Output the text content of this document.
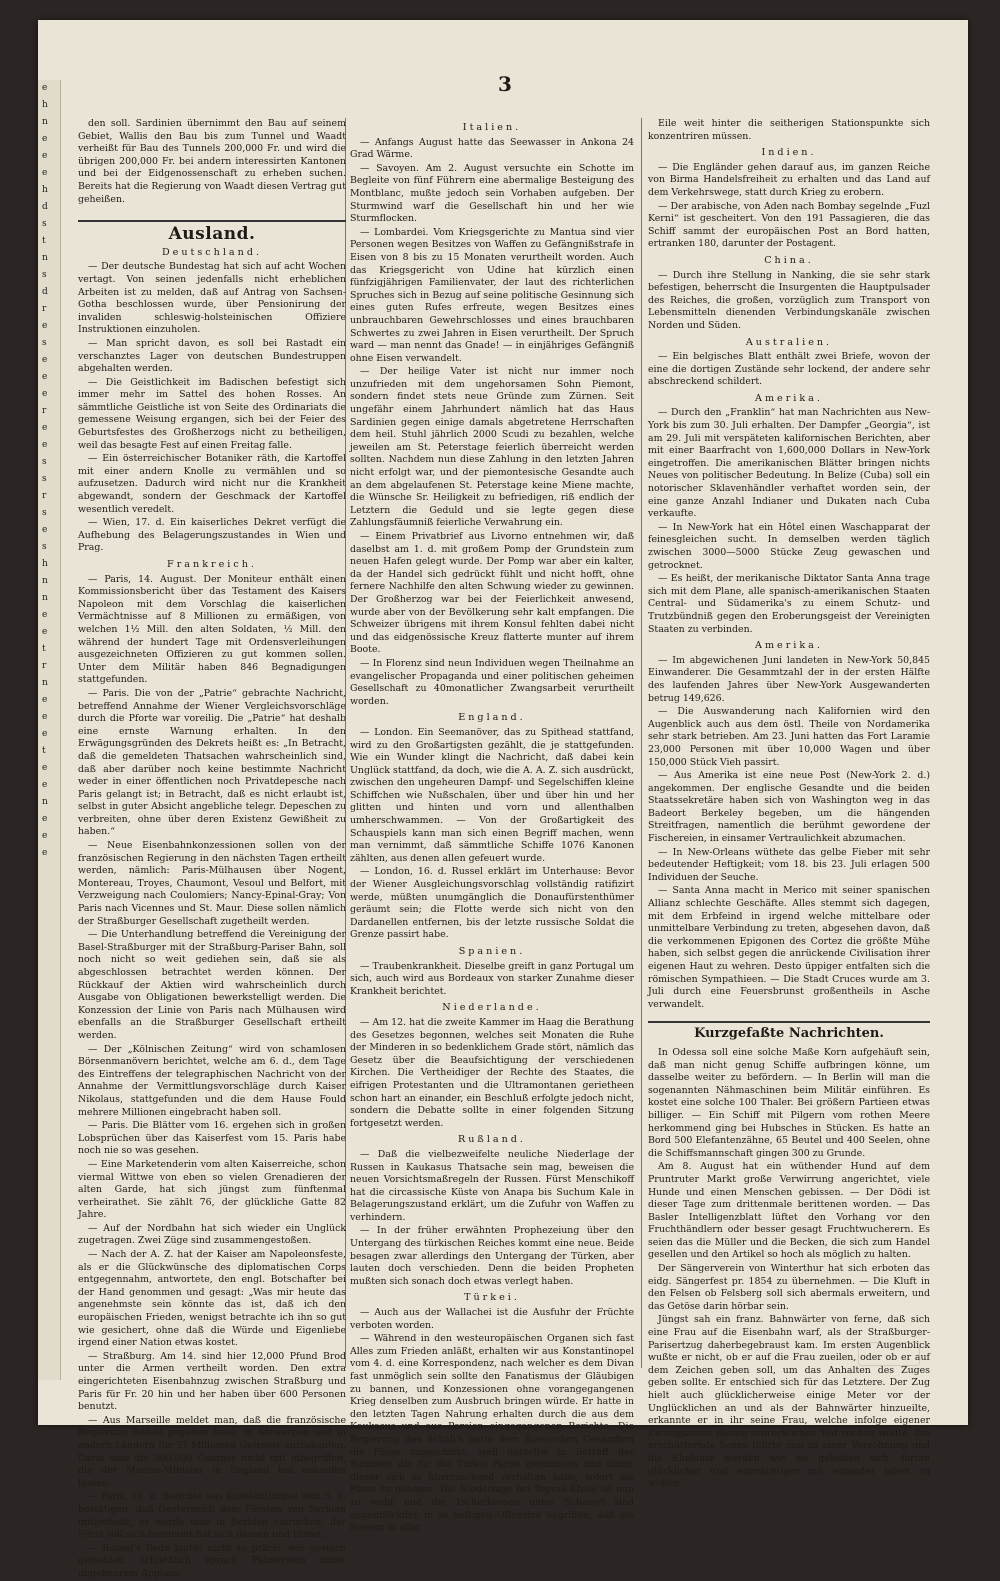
e
h
n
e
e
e
h
d
s
t
n
s
d
r
e
s
e
e
e
r
e
e
s
s
r
s
e
s
h
n
n
e
e
t
r
n
e
e
e
t
e
e
n
e
e
e
3

den soll. Sardinien übernimmt den Bau auf seinem Gebiet, Wallis den Bau bis zum Tunnel und Waadt verheißt für Bau des Tunnels 200,000 Fr. und wird die übrigen 200,000 Fr. bei andern interessirten Kantonen und bei der Eidgenossenschaft zu erheben suchen. Bereits hat die Regierung von Waadt diesen Vertrag gut geheißen.

Ausland.
Deutschland.

— Der deutsche Bundestag hat sich auf acht Wochen vertagt. Von seinen jedenfalls nicht erheblichen Arbeiten ist zu melden, daß auf Antrag von Sachsen-Gotha beschlossen wurde, über Pensionirung der invaliden schleswig-holsteinischen Offiziere Instruktionen einzuholen.

— Man spricht davon, es soll bei Rastadt ein verschanztes Lager von deutschen Bundestruppen abgehalten werden.

— Die Geistlichkeit im Badischen befestigt sich immer mehr im Sattel des hohen Rosses. An sämmtliche Geistliche ist von Seite des Ordinariats die gemessene Weisung ergangen, sich bei der Feier des Geburtsfestes des Großherzogs nicht zu betheiligen, weil das besagte Fest auf einen Freitag falle.

— Ein österreichischer Botaniker räth, die Kartoffel mit einer andern Knolle zu vermählen und so aufzusetzen. Dadurch wird nicht nur die Krankheit abgewandt, sondern der Geschmack der Kartoffel wesentlich veredelt.

— Wien, 17. d. Ein kaiserliches Dekret verfügt die Aufhebung des Belagerungszustandes in Wien und Prag.

Frankreich.

— Paris, 14. August. Der Moniteur enthält einen Kommissionsbericht über das Testament des Kaisers Napoleon mit dem Vorschlag die kaiserlichen Vermächtnisse auf 8 Millionen zu ermäßigen, von welchen 1½ Mill. den alten Soldaten, ½ Mill. den während der hundert Tage mit Ordensverleihungen ausgezeichneten Offizieren zu gut kommen sollen. Unter dem Militär haben 846 Begnadigungen stattgefunden.

— Paris. Die von der „Patrie“ gebrachte Nachricht, betreffend Annahme der Wiener Vergleichsvorschläge durch die Pforte war voreilig. Die „Patrie“ hat deshalb eine ernste Warnung erhalten. In den Erwägungsgründen des Dekrets heißt es: „In Betracht, daß die gemeldeten Thatsachen wahrscheinlich sind, daß aber darüber noch keine bestimmte Nachricht weder in einer öffentlichen noch Privatdepesche nach Paris gelangt ist; in Betracht, daß es nicht erlaubt ist, selbst in guter Absicht angebliche telegr. Depeschen zu verbreiten, ohne über deren Existenz Gewißheit zu haben.“

— Neue Eisenbahnkonzessionen sollen von der französischen Regierung in den nächsten Tagen ertheilt werden, nämlich: Paris-Mülhausen über Nogent, Montereau, Troyes, Chaumont, Vesoul und Belfort, mit Verzweigung nach Coulomiers; Nancy-Epinal-Gray; Von Paris nach Vicennes und St. Maur. Diese sollen nämlich der Straßburger Gesellschaft zugetheilt werden.

— Die Unterhandlung betreffend die Vereinigung der Basel-Straßburger mit der Straßburg-Pariser Bahn, soll noch nicht so weit gediehen sein, daß sie als abgeschlossen betrachtet werden können. Der Rückkauf der Aktien wird wahrscheinlich durch Ausgabe von Obligationen bewerkstelligt werden. Die Konzession der Linie von Paris nach Mülhausen wird ebenfalls an die Straßburger Gesellschaft ertheilt werden.

— Der „Kölnischen Zeitung“ wird von schamlosen Börsenmanövern berichtet, welche am 6. d., dem Tage des Eintreffens der telegraphischen Nachricht von der Annahme der Vermittlungsvorschläge durch Kaiser Nikolaus, stattgefunden und die dem Hause Fould mehrere Millionen eingebracht haben soll.

— Paris. Die Blätter vom 16. ergehen sich in großen Lobsprüchen über das Kaiserfest vom 15. Paris habe noch nie so was gesehen.

— Eine Marketenderin vom alten Kaiserreiche, schon viermal Wittwe von eben so vielen Grenadieren der alten Garde, hat sich jüngst zum fünftenmal verheirathet. Sie zählt 76, der glückliche Gatte 82 Jahre.

— Auf der Nordbahn hat sich wieder ein Unglück zugetragen. Zwei Züge sind zusammengestoßen.

— Nach der A. Z. hat der Kaiser am Napoleonsfeste, als er die Glückwünsche des diplomatischen Corps entgegennahm, antwortete, den engl. Botschafter bei der Hand genommen und gesagt: „Was mir heute das angenehmste sein könnte das ist, daß ich den europäischen Frieden, wenigst betrachte ich ihn so gut wie gesichert, ohne daß die Würde und Eigenliebe irgend einer Nation etwas kostet.

— Straßburg. Am 14. sind hier 12,000 Pfund Brod unter die Armen vertheilt worden. Den extra eingerichteten Eisenbahnzug zwischen Straßburg und Paris für Fr. 20 hin und her haben über 600 Personen benutzt.

— Aus Marseille meldet man, daß die französische Regierung Befehl gegeben habe, in Antwerpen und in andern Ländern für 37 Millionen Getreide aufzukaufen. Darin sind die 300,000 Centner nicht mit inbegriffen, die der Marine-Minister in England hat ankaufen lassen.

— Paris, 18. d. Berichte aus Konstantinopel vom 5. d. bestätigen, daß Oesterreich dem Fürsten von Serbien mitgetheilt, es werde man in Serbien einrücken; der Fürst soll sich bestimmt hat sich dessen und rüstet.

— Russel's Rede lautet nicht so präcis, wie gestern gemeldet; schließlich sprach Palmerston unter ungeheurem Applaus.

Italien.

— Anfangs August hatte das Seewasser in Ankona 24 Grad Wärme.

— Savoyen. Am 2. August versuchte ein Schotte im Begleite von fünf Führern eine abermalige Besteigung des Montblanc, mußte jedoch sein Vorhaben aufgeben. Der Sturmwind warf die Gesellschaft hin und her wie Sturmflocken.

— Lombardei. Vom Kriegsgerichte zu Mantua sind vier Personen wegen Besitzes von Waffen zu Gefängnißstrafe in Eisen von 8 bis zu 15 Monaten verurtheilt worden. Auch das Kriegsgericht von Udine hat kürzlich einen fünfzigjährigen Familienvater, der laut des richterlichen Spruches sich in Bezug auf seine politische Gesinnung sich eines guten Rufes erfreute, wegen Besitzes eines unbrauchbaren Gewehrschlosses und eines brauchbaren Schwertes zu zwei Jahren in Eisen verurtheilt. Der Spruch ward — man nennt das Gnade! — in einjähriges Gefängniß ohne Eisen verwandelt.

— Der heilige Vater ist nicht nur immer noch unzufrieden mit dem ungehorsamen Sohn Piemont, sondern findet stets neue Gründe zum Zürnen. Seit ungefähr einem Jahrhundert nämlich hat das Haus Sardinien gegen einige damals abgetretene Herrschaften dem heil. Stuhl jährlich 2000 Scudi zu bezahlen, welche jeweilen am St. Peterstage feierlich überreicht werden sollten. Nachdem nun diese Zahlung in den letzten Jahren nicht erfolgt war, und der piemontesische Gesandte auch an dem abgelaufenen St. Peterstage keine Miene machte, die Wünsche Sr. Heiligkeit zu befriedigen, riß endlich der Letztern die Geduld und sie legte gegen diese Zahlungsfäumniß feierliche Verwahrung ein.

— Einem Privatbrief aus Livorno entnehmen wir, daß daselbst am 1. d. mit großem Pomp der Grundstein zum neuen Hafen gelegt wurde. Der Pomp war aber ein kalter, da der Handel sich gedrückt fühlt und nicht hofft, ohne fernere Nachhilfe den alten Schwung wieder zu gewinnen. Der Großherzog war bei der Feierlichkeit anwesend, wurde aber von der Bevölkerung sehr kalt empfangen. Die Schweizer übrigens mit ihrem Konsul fehlten dabei nicht und das eidgenössische Kreuz flatterte munter auf ihrem Boote.

— In Florenz sind neun Individuen wegen Theilnahme an evangelischer Propaganda und einer politischen geheimen Gesellschaft zu 40monatlicher Zwangsarbeit verurtheilt worden.

England.

— London. Ein Seemanöver, das zu Spithead stattfand, wird zu den Großartigsten gezählt, die je stattgefunden. Wie ein Wunder klingt die Nachricht, daß dabei kein Unglück stattfand, da doch, wie die A. A. Z. sich ausdrückt, zwischen den ungeheuren Dampf- und Segelschiffen kleine Schiffchen wie Nußschalen, über und über hin und her glitten und hinten und vorn und allenthalben umherschwammen. — Von der Großartigkeit des Schauspiels kann man sich einen Begriff machen, wenn man vernimmt, daß sämmtliche Schiffe 1076 Kanonen zählten, aus denen allen gefeuert wurde.

— London, 16. d. Russel erklärt im Unterhause: Bevor der Wiener Ausgleichungsvorschlag vollständig ratifizirt werde, müßten unumgänglich die Donaufürstenthümer geräumt sein; die Flotte werde sich nicht von den Dardanellen entfernen, bis der letzte russische Soldat die Grenze passirt habe.

Spanien.

— Traubenkrankheit. Dieselbe greift in ganz Portugal um sich, auch wird aus Bordeaux von starker Zunahme dieser Krankheit berichtet.

Niederlande.

— Am 12. hat die zweite Kammer im Haag die Berathung des Gesetzes begonnen, welches seit Monaten die Ruhe der Minderen in so bedenklichem Grade stört, nämlich das Gesetz über die Beaufsichtigung der verschiedenen Kirchen. Die Vertheidiger der Rechte des Staates, die eifrigen Protestanten und die Ultramontanen gerietheen schon hart an einander, ein Beschluß erfolgte jedoch nicht, sondern die Debatte sollte in einer folgenden Sitzung fortgesetzt werden.

Rußland.

— Daß die vielbezweifelte neuliche Niederlage der Russen in Kaukasus Thatsache sein mag, beweisen die neuen Vorsichtsmaßregeln der Russen. Fürst Menschikoff hat die circassische Küste von Anapa bis Suchum Kale in Belagerungszustand erklärt, um die Zufuhr von Waffen zu verhindern.

— In der früher erwähnten Prophezeiung über den Untergang des türkischen Reiches kommt eine neue. Beide besagen zwar allerdings den Untergang der Türken, aber lauten doch verschieden. Denn die beiden Propheten mußten sich sonach doch etwas verlegt haben.

Türkei.

— Auch aus der Wallachei ist die Ausfuhr der Früchte verboten worden.

— Während in den westeuropäischen Organen sich fast Alles zum Frieden anläßt, erhalten wir aus Konstantinopel vom 4. d. eine Korrespondenz, nach welcher es dem Divan fast unmöglich sein sollte den Fanatismus der Gläubigen zu bannen, und Konzessionen ohne vorangegangenen Krieg denselben zum Ausbruch bringen würde. Er hatte in den letzten Tagen Nahrung erhalten durch die aus dem Kaukasus und aus Persien eingegangenen Berichte. Die Regierung des Schah's hatte dem Russischen Gesandten die Pässe zugeschickt, weil derselbe in Betreff der Sunniten die für die Türkei Partei genommen und damit dieser sich so überraschend verhalten habe, sofort die Pässe zu nehmen. Die Niederlage bei Toprak-Khale ist nun zu wahr und die Tscherkessen unter Schamyl sind augenblicklich in so heftigen Offensive begriffen, daß die Russen in aller

Eile weit hinter die seitherigen Stationspunkte sich konzentriren müssen.

Indien.

— Die Engländer gehen darauf aus, im ganzen Reiche von Birma Handelsfreiheit zu erhalten und das Land auf dem Verkehrswege, statt durch Krieg zu erobern.

— Der arabische, von Aden nach Bombay segelnde „Fuzl Kerni“ ist gescheitert. Von den 191 Passagieren, die das Schiff sammt der europäischen Post an Bord hatten, ertranken 180, darunter der Postagent.

China.

— Durch ihre Stellung in Nanking, die sie sehr stark befestigen, beherrscht die Insurgenten die Hauptpulsader des Reiches, die großen, vorzüglich zum Transport von Lebensmitteln dienenden Verbindungskanäle zwischen Norden und Süden.

Australien.

— Ein belgisches Blatt enthält zwei Briefe, wovon der eine die dortigen Zustände sehr lockend, der andere sehr abschreckend schildert.

Amerika.

— Durch den „Franklin“ hat man Nachrichten aus New-York bis zum 30. Juli erhalten. Der Dampfer „Georgia“, ist am 29. Juli mit verspäteten kalifornischen Berichten, aber mit einer Baarfracht von 1,600,000 Dollars in New-York eingetroffen. Die amerikanischen Blätter bringen nichts Neues von politischer Bedeutung. In Belize (Cuba) soll ein notorischer Sklavenhändler verhaftet worden sein, der eine ganze Anzahl Indianer und Dukaten nach Cuba verkaufte.

— In New-York hat ein Hôtel einen Waschapparat der feinesgleichen sucht. In demselben werden täglich zwischen 3000—5000 Stücke Zeug gewaschen und getrocknet.

— Es heißt, der merikanische Diktator Santa Anna trage sich mit dem Plane, alle spanisch-amerikanischen Staaten Central- und Südamerika's zu einem Schutz- und Trutzbündniß gegen den Eroberungsgeist der Vereinigten Staaten zu verbinden.

Amerika.

— Im abgewichenen Juni landeten in New-York 50,845 Einwanderer. Die Gesammtzahl der in der ersten Hälfte des laufenden Jahres über New-York Ausgewanderten betrug 149,626.

— Die Auswanderung nach Kalifornien wird den Augenblick auch aus dem östl. Theile von Nordamerika sehr stark betrieben. Am 23. Juni hatten das Fort Laramie 23,000 Personen mit über 10,000 Wagen und über 150,000 Stück Vieh passirt.

— Aus Amerika ist eine neue Post (New-York 2. d.) angekommen. Der englische Gesandte und die beiden Staatssekretäre haben sich von Washington weg in das Badeort Berkeley begeben, um die hängenden Streitfragen, namentlich die berühmt gewordene der Fischereien, in einsamer Vertraulichkeit abzumachen.

— In New-Orleans wüthete das gelbe Fieber mit sehr bedeutender Heftigkeit; vom 18. bis 23. Juli erlagen 500 Individuen der Seuche.

— Santa Anna macht in Merico mit seiner spanischen Allianz schlechte Geschäfte. Alles stemmt sich dagegen, mit dem Erbfeind in irgend welche mittelbare oder unmittelbare Verbindung zu treten, abgesehen davon, daß die verkommenen Epigonen des Cortez die größte Mühe haben, sich selbst gegen die anrückende Civilisation ihrer eigenen Haut zu wehren. Desto üppiger entfalten sich die römischen Sympathieen. — Die Stadt Cruces wurde am 3. Juli durch eine Feuersbrunst großentheils in Asche verwandelt.

Kurzgefaßte Nachrichten.

In Odessa soll eine solche Maße Korn aufgehäuft sein, daß man nicht genug Schiffe aufbringen könne, um dasselbe weiter zu befördern. — In Berlin will man die sogenannten Nähmaschinen beim Militär einführen. Es kostet eine solche 100 Thaler. Bei größern Partieen etwas billiger. — Ein Schiff mit Pilgern vom rothen Meere herkommend ging bei Hubsches in Stücken. Es hatte an Bord 500 Elefantenzähne, 65 Beutel und 400 Seelen, ohne die Schiffsmannschaft gingen 300 zu Grunde.

Am 8. August hat ein wüthender Hund auf dem Pruntruter Markt große Verwirrung angerichtet, viele Hunde und einen Menschen gebissen. — Der Dödi ist dieser Tage zum drittenmale berittenen worden. — Das Basler Intelligenzblatt lüftet den Vorhang vor den Fruchthändlern oder besser gesagt Fruchtwucherern. Es seien das die Müller und die Becken, die sich zum Handel gesellen und den Artikel so hoch als möglich zu halten.

Der Sängerverein von Winterthur hat sich erboten das eidg. Sängerfest pr. 1854 zu übernehmen. — Die Kluft in den Felsen ob Felsberg soll sich abermals erweitern, und das Getöse darin hörbar sein.

Jüngst sah ein franz. Bahnwärter von ferne, daß sich eine Frau auf die Eisenbahn warf, als der Straßburger-Parisertzug daherbegebraust kam. Im ersten Augenblick wußte er nicht, ob er auf die Frau zueilen, oder ob er auf dem Zeichen geben soll, um das Anhalten des Zuges geben sollte. Er entschied sich für das Letztere. Der Zug hielt auch glücklicherweise einige Meter vor der Unglücklichen an und als der Bahnwärter hinzueilte, erkannte er in ihr seine Frau, welche infolge eigener Zwistigkeiten diesen schrecklichen Tod suchen wollte. Die erschütternde Scene führte nun zu einer Versöhnung und die Eheleute werden wie sie gelobten sich, fortan glücklicher und einträchtiger mit einander leben zu wollen.
